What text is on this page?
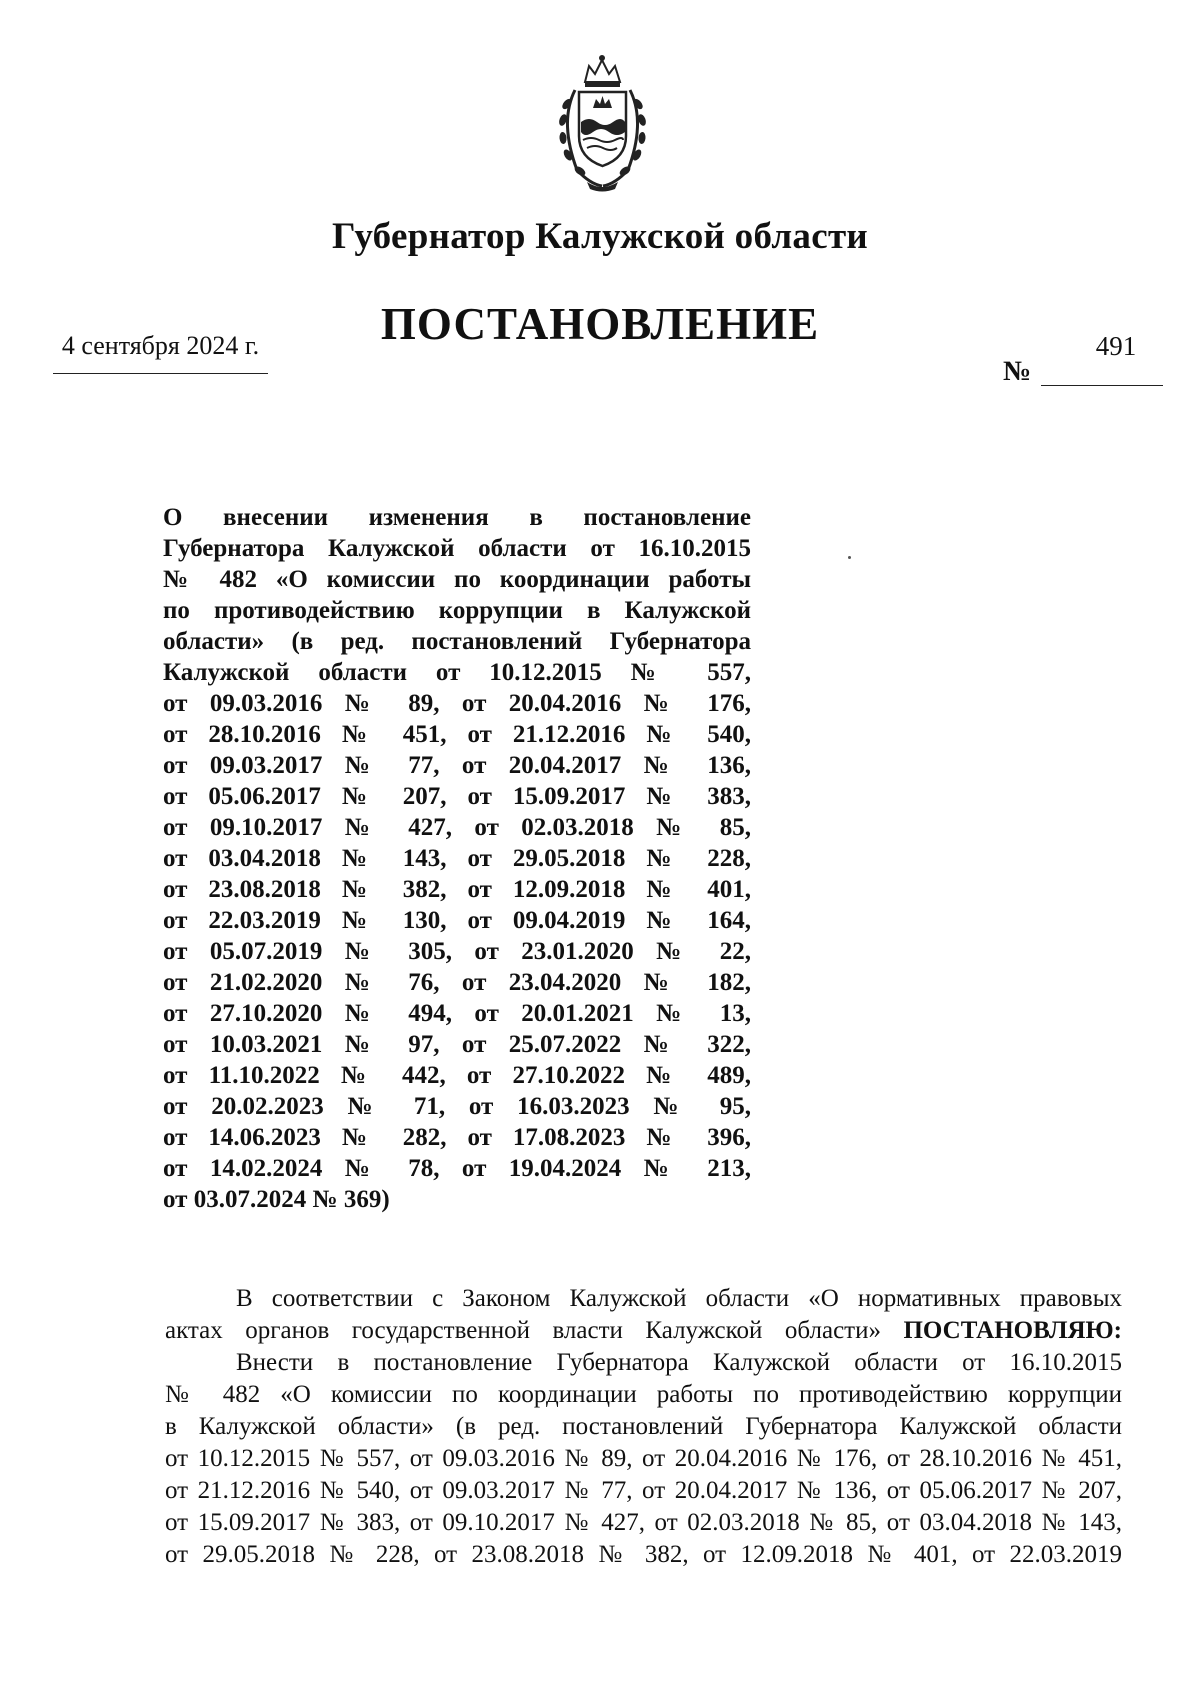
Губернатор Калужской области
ПОСТАНОВЛЕНИЕ
4 сентября 2024 г.	491
№
О внесении изменения в постановление
Губернатора Калужской области от 16.10.2015
№ 482 «О комиссии по координации работы
по противодействию коррупции в Калужской
области» (в ред. постановлений Губернатора
Калужской области от 10.12.2015 № 557,
от 09.03.2016 № 89, от 20.04.2016 № 176,
от 28.10.2016 № 451, от 21.12.2016 № 540,
от 09.03.2017 № 77, от 20.04.2017 № 136,
от 05.06.2017 № 207, от 15.09.2017 № 383,
от 09.10.2017 № 427, от 02.03.2018 № 85,
от 03.04.2018 № 143, от 29.05.2018 № 228,
от 23.08.2018 № 382, от 12.09.2018 № 401,
от 22.03.2019 № 130, от 09.04.2019 № 164,
от 05.07.2019 № 305, от 23.01.2020 № 22,
от 21.02.2020 № 76, от 23.04.2020 № 182,
от 27.10.2020 № 494, от 20.01.2021 № 13,
от 10.03.2021 № 97, от 25.07.2022 № 322,
от 11.10.2022 № 442, от 27.10.2022 № 489,
от 20.02.2023 № 71, от 16.03.2023 № 95,
от 14.06.2023 № 282, от 17.08.2023 № 396,
от 14.02.2024 № 78, от 19.04.2024 № 213,
от 03.07.2024 № 369)
В соответствии с Законом Калужской области «О нормативных правовых
актах органов государственной власти Калужской области» ПОСТАНОВЛЯЮ:
Внести в постановление Губернатора Калужской области от 16.10.2015
№ 482 «О комиссии по координации работы по противодействию коррупции
в Калужской области» (в ред. постановлений Губернатора Калужской области
от 10.12.2015 № 557, от 09.03.2016 № 89, от 20.04.2016 № 176, от 28.10.2016 № 451,
от 21.12.2016 № 540, от 09.03.2017 № 77, от 20.04.2017 № 136, от 05.06.2017 № 207,
от 15.09.2017 № 383, от 09.10.2017 № 427, от 02.03.2018 № 85, от 03.04.2018 № 143,
от 29.05.2018 № 228, от 23.08.2018 № 382, от 12.09.2018 № 401, от 22.03.2019
